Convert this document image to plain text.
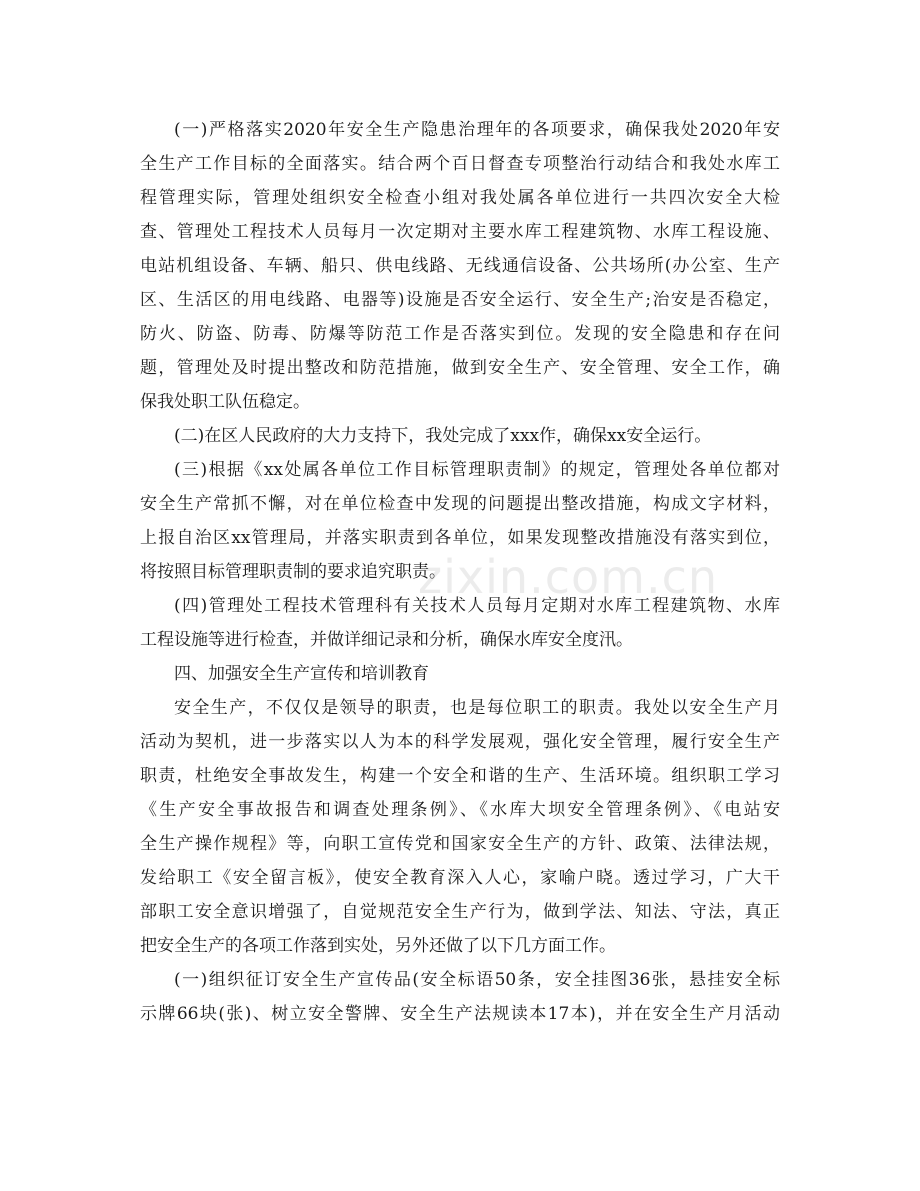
(一)严格落实2020年安全生产隐患治理年的各项要求，确保我处2020年安
全生产工作目标的全面落实。结合两个百日督查专项整治行动结合和我处水库工
程管理实际，管理处组织安全检查小组对我处属各单位进行一共四次安全大检
查、管理处工程技术人员每月一次定期对主要水库工程建筑物、水库工程设施、
电站机组设备、车辆、船只、供电线路、无线通信设备、公共场所(办公室、生产
区、生活区的用电线路、电器等)设施是否安全运行、安全生产;治安是否稳定，
防火、防盗、防毒、防爆等防范工作是否落实到位。发现的安全隐患和存在问
题，管理处及时提出整改和防范措施，做到安全生产、安全管理、安全工作，确
保我处职工队伍稳定。
(二)在区人民政府的大力支持下，我处完成了xxx作，确保xx安全运行。
(三)根据《xx处属各单位工作目标管理职责制》的规定，管理处各单位都对
安全生产常抓不懈，对在单位检查中发现的问题提出整改措施，构成文字材料，
上报自治区xx管理局，并落实职责到各单位，如果发现整改措施没有落实到位，
将按照目标管理职责制的要求追究职责。
(四)管理处工程技术管理科有关技术人员每月定期对水库工程建筑物、水库
工程设施等进行检查，并做详细记录和分析，确保水库安全度汛。
四、加强安全生产宣传和培训教育
安全生产，不仅仅是领导的职责，也是每位职工的职责。我处以安全生产月
活动为契机，进一步落实以人为本的科学发展观，强化安全管理，履行安全生产
职责，杜绝安全事故发生，构建一个安全和谐的生产、生活环境。组织职工学习
《生产安全事故报告和调查处理条例》、《水库大坝安全管理条例》、《电站安
全生产操作规程》等，向职工宣传党和国家安全生产的方针、政策、法律法规，
发给职工《安全留言板》，使安全教育深入人心，家喻户晓。透过学习，广大干
部职工安全意识增强了，自觉规范安全生产行为，做到学法、知法、守法，真正
把安全生产的各项工作落到实处，另外还做了以下几方面工作。
(一)组织征订安全生产宣传品(安全标语50条，安全挂图36张，悬挂安全标
示牌66块(张)、树立安全警牌、安全生产法规读本17本)，并在安全生产月活动
zixin.com.cn
